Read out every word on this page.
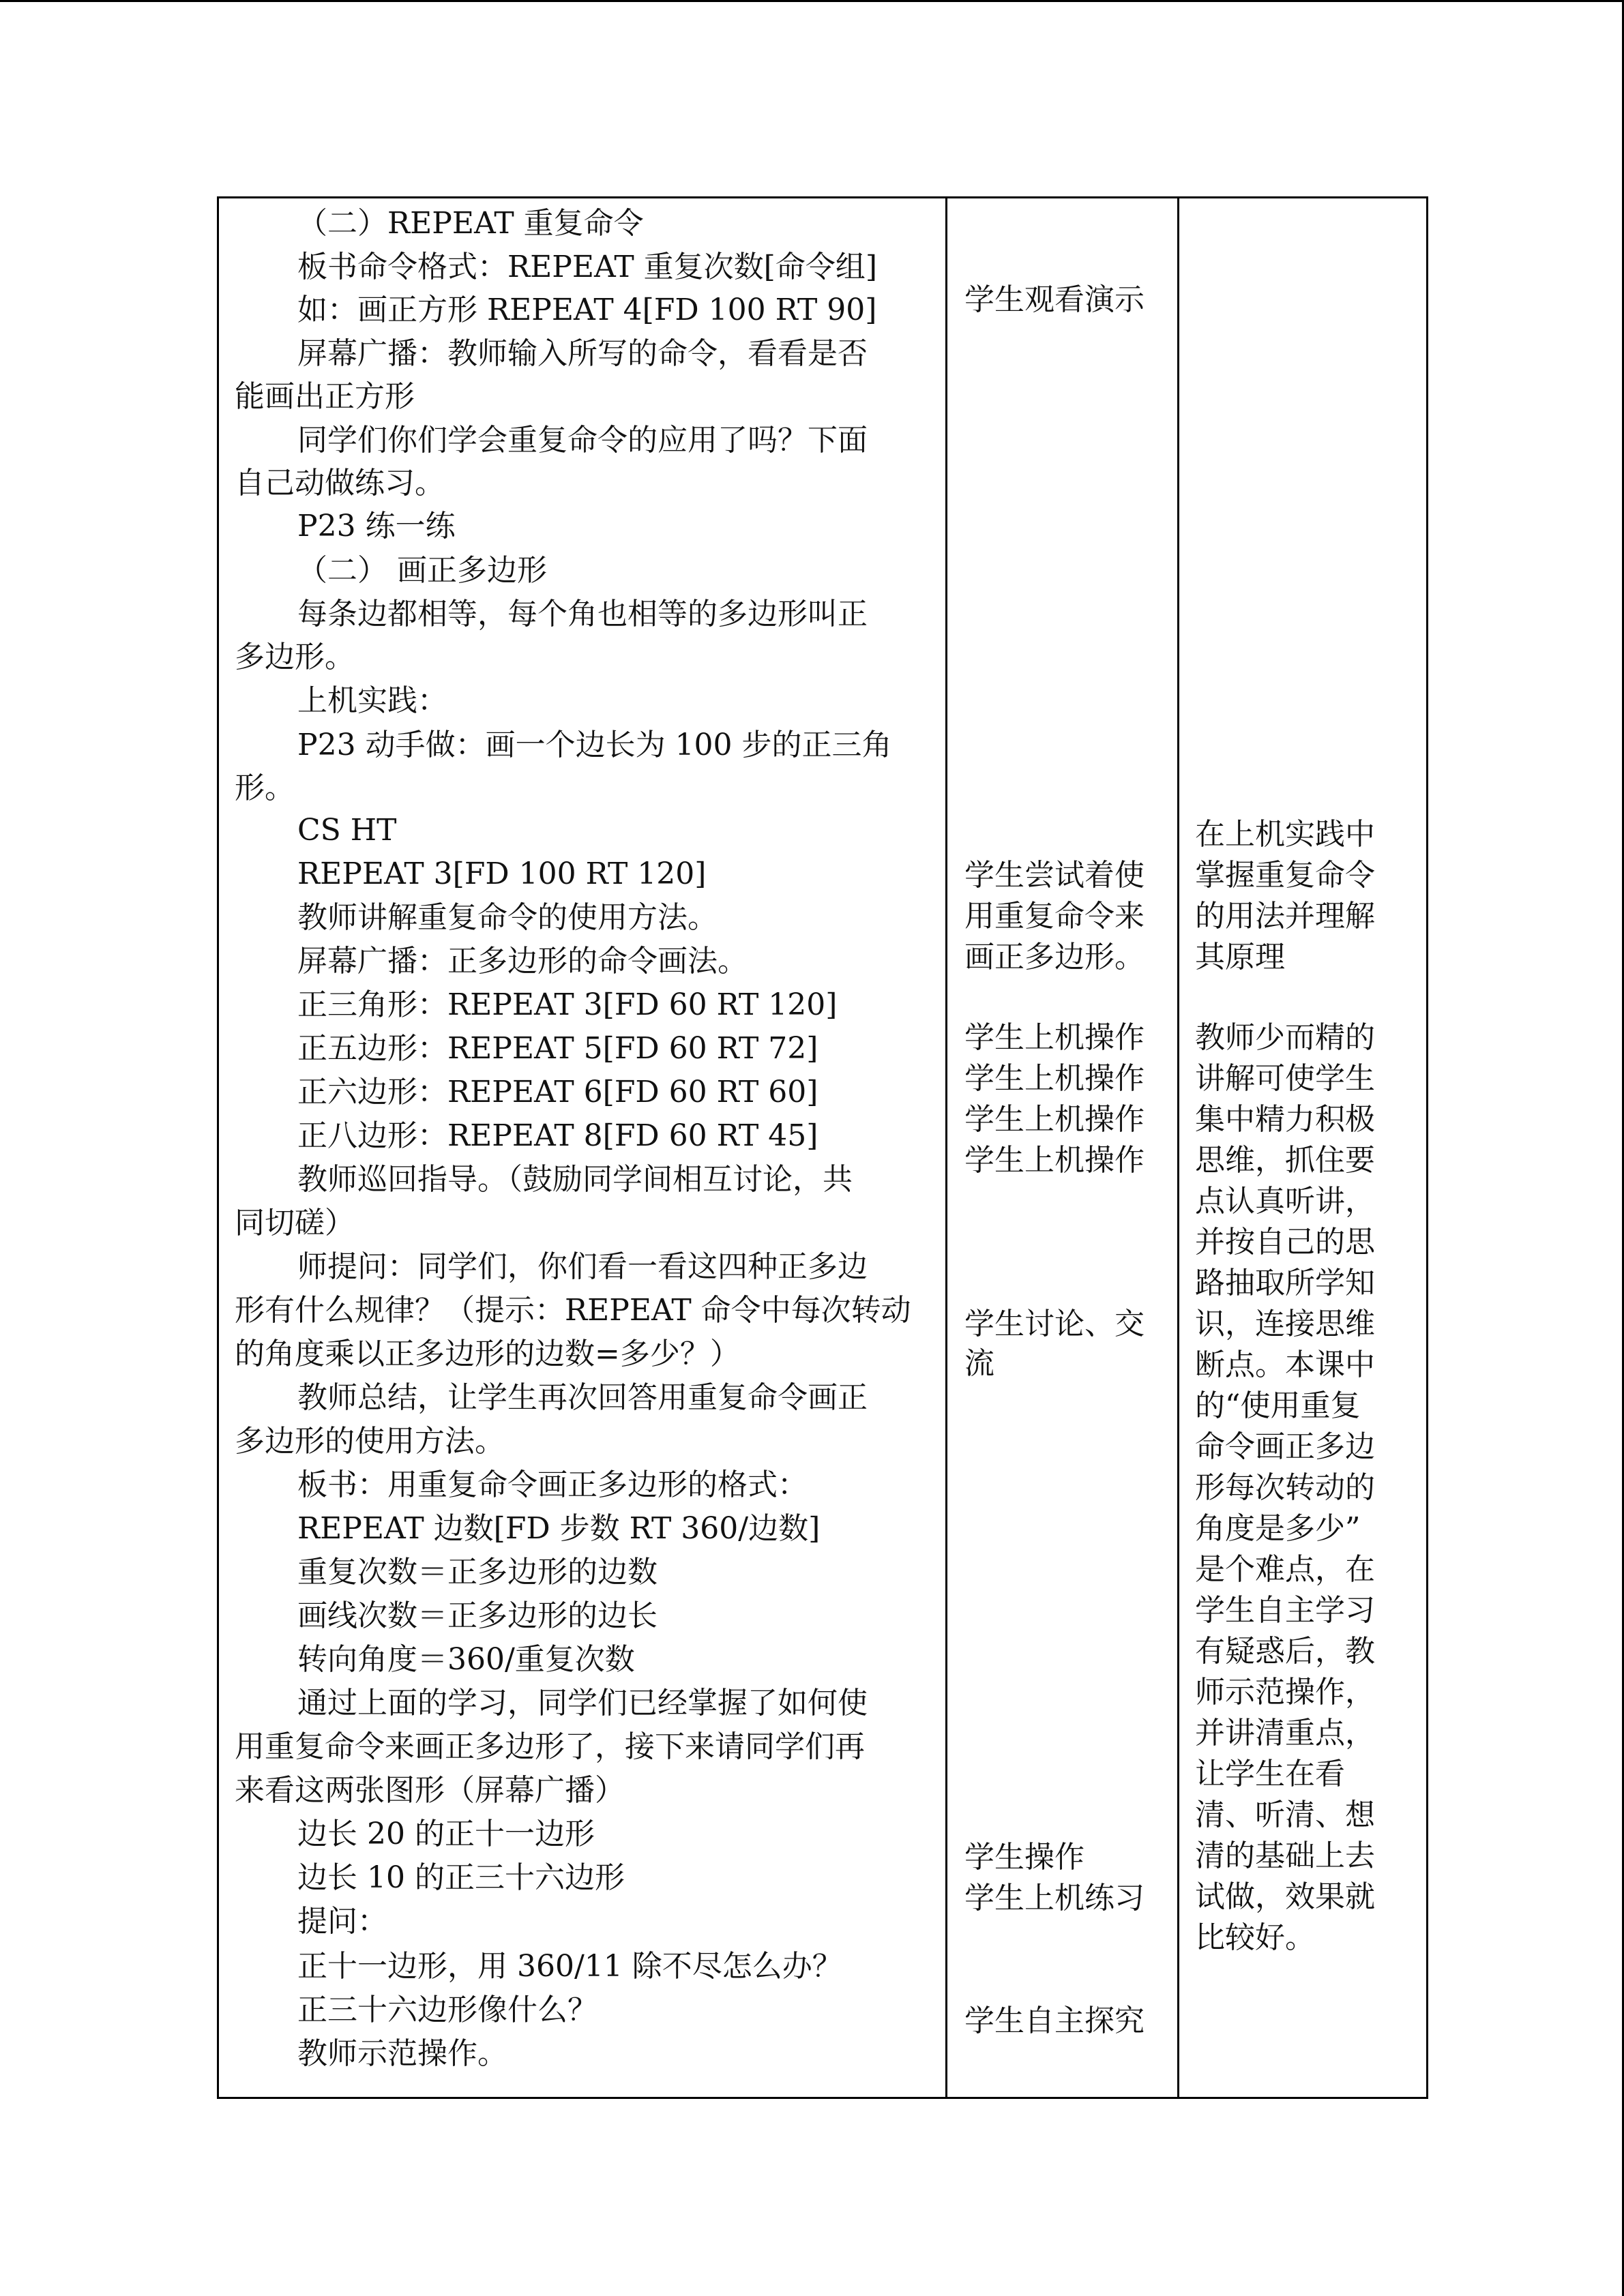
（二）REPEAT 重复命令
板书命令格式：REPEAT 重复次数[命令组]
如：画正方形 REPEAT 4[FD 100 RT 90]
屏幕广播：教师输入所写的命令，看看是否
能画出正方形
同学们你们学会重复命令的应用了吗？下面
自己动做练习。
P23 练一练
（二） 画正多边形
每条边都相等，每个角也相等的多边形叫正
多边形。
上机实践：
P23 动手做：画一个边长为 100 步的正三角
形。
CS HT
REPEAT 3[FD 100 RT 120]
教师讲解重复命令的使用方法。
屏幕广播：正多边形的命令画法。
正三角形：REPEAT 3[FD 60 RT 120]
正五边形：REPEAT 5[FD 60 RT 72]
正六边形：REPEAT 6[FD 60 RT 60]
正八边形：REPEAT 8[FD 60 RT 45]
教师巡回指导。（鼓励同学间相互讨论，共
同切磋）
师提问：同学们，你们看一看这四种正多边
形有什么规律？（提示：REPEAT 命令中每次转动
的角度乘以正多边形的边数=多少？）
教师总结，让学生再次回答用重复命令画正
多边形的使用方法。
板书：用重复命令画正多边形的格式：
REPEAT 边数[FD 步数 RT 360/边数]
重复次数＝正多边形的边数
画线次数＝正多边形的边长
转向角度＝360/重复次数
通过上面的学习，同学们已经掌握了如何使
用重复命令来画正多边形了，接下来请同学们再
来看这两张图形（屏幕广播）
边长 20 的正十一边形
边长 10 的正三十六边形
提问：
正十一边形，用 360/11 除不尽怎么办？
正三十六边形像什么？
教师示范操作。
学生观看演示
学生尝试着使
用重复命令来
画正多边形。
学生上机操作
学生上机操作
学生上机操作
学生上机操作
学生讨论、交
流
学生操作
学生上机练习
学生自主探究
在上机实践中
掌握重复命令
的用法并理解
其原理
教师少而精的
讲解可使学生
集中精力积极
思维，抓住要
点认真听讲，
并按自己的思
路抽取所学知
识，连接思维
断点。本课中
的“使用重复
命令画正多边
形每次转动的
角度是多少”
是个难点，在
学生自主学习
有疑惑后，教
师示范操作，
并讲清重点，
让学生在看
清、听清、想
清的基础上去
试做，效果就
比较好。
